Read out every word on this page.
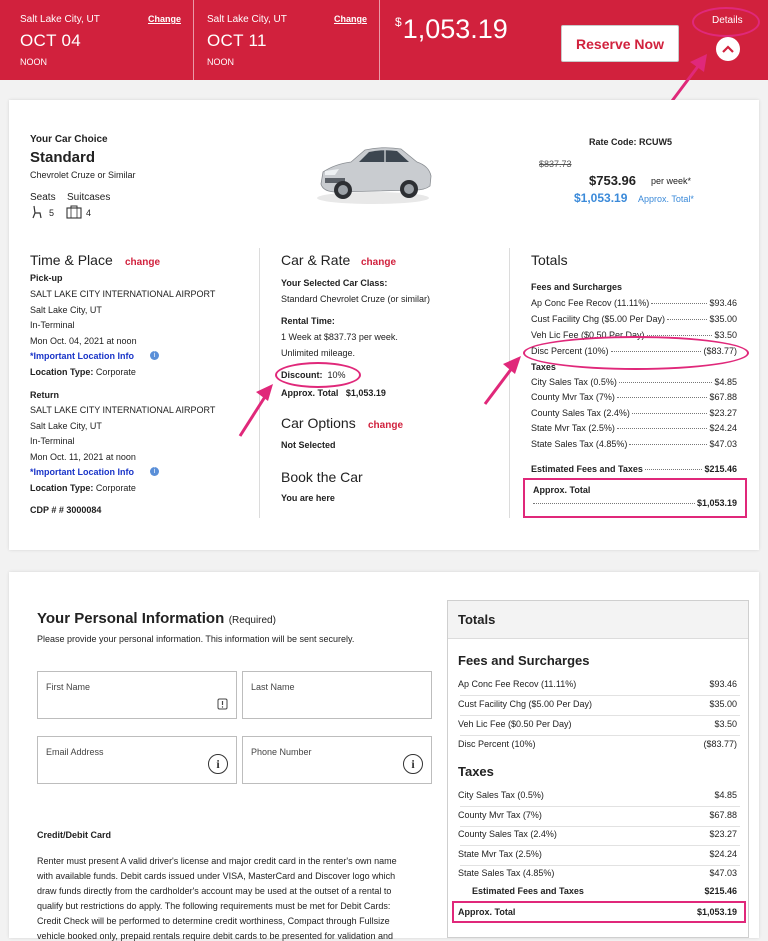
Salt Lake City, UT
OCT 04
NOON
Change	Salt Lake City, UT
OCT 11
NOON
Change $1,053.19	Reserve Now
Details
Your Car Choice
Standard
Chevrolet Cruze or Similar
Seats Suitcases
5	4
Rate Code: RCUW5
$837.73
$753.96 per week*
$1,053.19 Approx. Total*
Time & Place change
Pick-up
SALT LAKE CITY INTERNATIONAL AIRPORT
Salt Lake City, UT
In-Terminal
Mon Oct. 04, 2021 at noon
*Important Location Info	i
Location Type: Corporate
Return
SALT LAKE CITY INTERNATIONAL AIRPORT
Salt Lake City, UT
In-Terminal
Mon Oct. 11, 2021 at noon
*Important Location Info	i
Location Type: Corporate
CDP # # 3000084
Car & Rate change
Your Selected Car Class:
Standard Chevrolet Cruze (or similar)
Rental Time:
1 Week at $837.73 per week.
Unlimited mileage.
Discount: 10%
Approx. Total $1,053.19
Car Options change
Not Selected
Book the Car
You are here
Totals
Fees and Surcharges
Ap Conc Fee Recov (11.11%)	$93.46
Cust Facility Chg ($5.00 Per Day)	$35.00
Veh Lic Fee ($0.50 Per Day)	$3.50
Disc Percent (10%)	($83.77)
Taxes
City Sales Tax (0.5%)	$4.85
County Mvr Tax (7%)	$67.88
County Sales Tax (2.4%)	$23.27
State Mvr Tax (2.5%)	$24.24
State Sales Tax (4.85%)	$47.03
Estimated Fees and Taxes	$215.46
Approx. Total
$1,053.19
Your Personal Information (Required)
Please provide your personal information. This information will be sent securely.
First Name	Last Name
Email Address
i
Phone Number
i
Credit/Debit Card
Renter must present A valid driver's license and major credit card in the renter's own name
with available funds. Debit cards issued under VISA, MasterCard and Discover logo which
draw funds directly from the cardholder's account may be used at the outset of a rental to
qualify but restrictions do apply. The following requirements must be met for Debit Cards:
Credit Check will be performed to determine credit worthiness, Compact through Fullsize
vehicle booked only, prepaid rentals require debit cards to be presented for validation and
Totals
Fees and Surcharges
Ap Conc Fee Recov (11.11%)	$93.46
Cust Facility Chg ($5.00 Per Day)	$35.00
Veh Lic Fee ($0.50 Per Day)	$3.50
Disc Percent (10%)	($83.77)
Taxes
City Sales Tax (0.5%)	$4.85
County Mvr Tax (7%)	$67.88
County Sales Tax (2.4%)	$23.27
State Mvr Tax (2.5%)	$24.24
State Sales Tax (4.85%)	$47.03
Estimated Fees and Taxes	$215.46
Approx. Total	$1,053.19
